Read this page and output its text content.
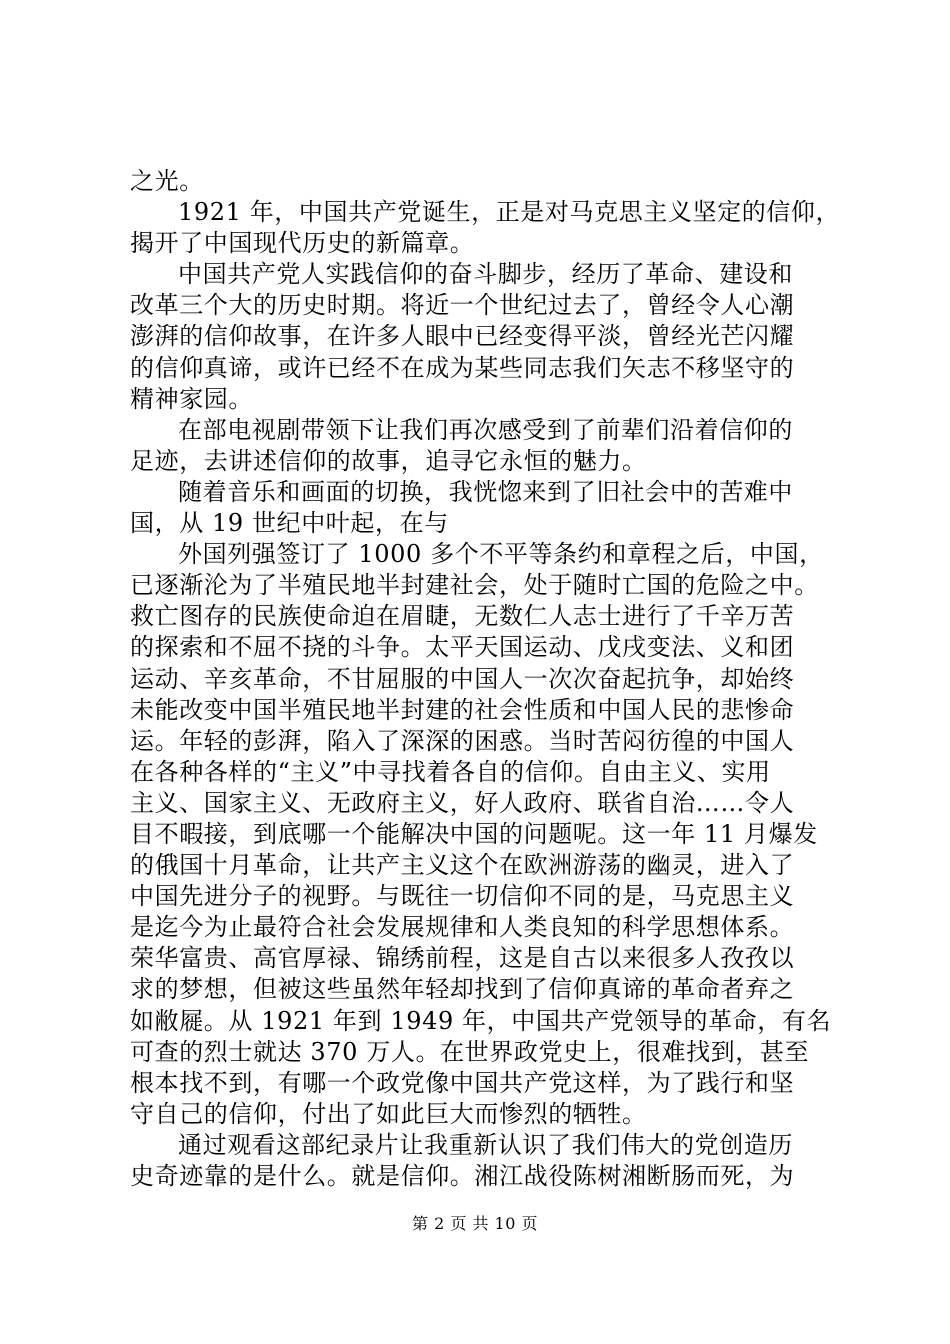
之光。
1921 年，中国共产党诞生，正是对马克思主义坚定的信仰，
揭开了中国现代历史的新篇章。
中国共产党人实践信仰的奋斗脚步，经历了革命、建设和
改革三个大的历史时期。将近一个世纪过去了，曾经令人心潮
澎湃的信仰故事，在许多人眼中已经变得平淡，曾经光芒闪耀
的信仰真谛，或许已经不在成为某些同志我们矢志不移坚守的
精神家园。
在部电视剧带领下让我们再次感受到了前辈们沿着信仰的
足迹，去讲述信仰的故事，追寻它永恒的魅力。
随着音乐和画面的切换，我恍惚来到了旧社会中的苦难中
国，从 19 世纪中叶起，在与
外国列强签订了 1000 多个不平等条约和章程之后，中国，
已逐渐沦为了半殖民地半封建社会，处于随时亡国的危险之中。
救亡图存的民族使命迫在眉睫，无数仁人志士进行了千辛万苦
的探索和不屈不挠的斗争。太平天国运动、戊戌变法、义和团
运动、辛亥革命，不甘屈服的中国人一次次奋起抗争，却始终
未能改变中国半殖民地半封建的社会性质和中国人民的悲惨命
运。年轻的彭湃，陷入了深深的困惑。当时苦闷彷徨的中国人
在各种各样的“主义”中寻找着各自的信仰。自由主义、实用
主义、国家主义、无政府主义，好人政府、联省自治……令人
目不暇接，到底哪一个能解决中国的问题呢。这一年 11 月爆发
的俄国十月革命，让共产主义这个在欧洲游荡的幽灵，进入了
中国先进分子的视野。与既往一切信仰不同的是，马克思主义
是迄今为止最符合社会发展规律和人类良知的科学思想体系。
荣华富贵、高官厚禄、锦绣前程，这是自古以来很多人孜孜以
求的梦想，但被这些虽然年轻却找到了信仰真谛的革命者弃之
如敝屣。从 1921 年到 1949 年，中国共产党领导的革命，有名
可查的烈士就达 370 万人。在世界政党史上，很难找到，甚至
根本找不到，有哪一个政党像中国共产党这样，为了践行和坚
守自己的信仰，付出了如此巨大而惨烈的牺牲。
通过观看这部纪录片让我重新认识了我们伟大的党创造历
史奇迹靠的是什么。就是信仰。湘江战役陈树湘断肠而死，为
第 2 页 共 10 页
